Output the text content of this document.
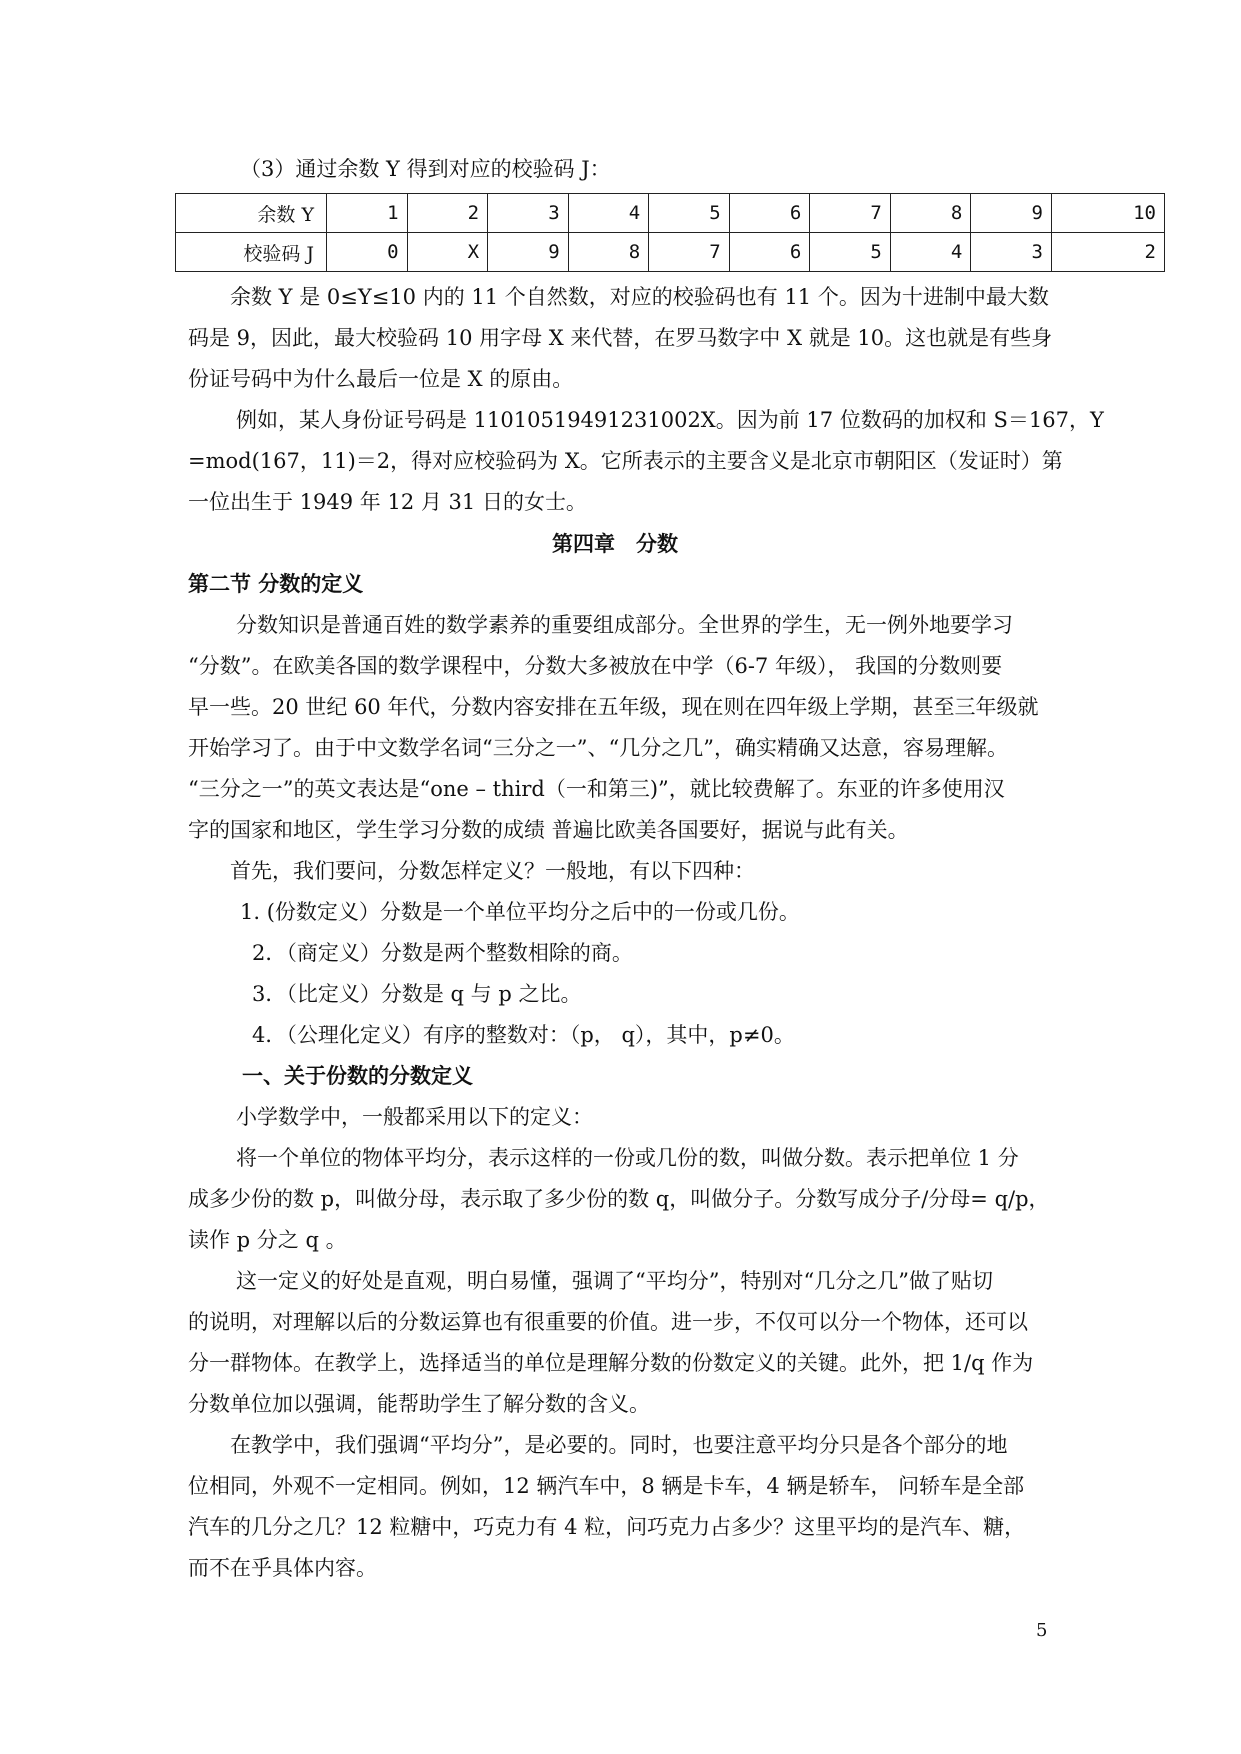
（3）通过余数 Y 得到对应的校验码 J：
余数 Y	1	2	3	4	5	6	7	8	9	10
校验码 J	0	X	9	8	7	6	5	4	3	2
余数 Y 是 0≤Y≤10 内的 11 个自然数，对应的校验码也有 11 个。因为十进制中最大数
码是 9，因此，最大校验码 10 用字母 X 来代替，在罗马数字中 X 就是 10。这也就是有些身
份证号码中为什么最后一位是 X 的原由。
例如，某人身份证号码是 11010519491231002X。因为前 17 位数码的加权和 S＝167，Y
=mod(167，11)＝2，得对应校验码为 X。它所表示的主要含义是北京市朝阳区（发证时）第
一位出生于 1949 年 12 月 31 日的女士。
第四章　分数
第二节 分数的定义
分数知识是普通百姓的数学素养的重要组成部分。全世界的学生，无一例外地要学习
“分数”。在欧美各国的数学课程中，分数大多被放在中学（6-7 年级）， 我国的分数则要
早一些。20 世纪 60 年代，分数内容安排在五年级，现在则在四年级上学期，甚至三年级就
开始学习了。由于中文数学名词“三分之一”、“几分之几”，确实精确又达意，容易理解。
“三分之一”的英文表达是“one – third（一和第三)”，就比较费解了。东亚的许多使用汉
字的国家和地区，学生学习分数的成绩 普遍比欧美各国要好，据说与此有关。
首先，我们要问，分数怎样定义？一般地，有以下四种：
1. (份数定义）分数是一个单位平均分之后中的一份或几份。
2．（商定义）分数是两个整数相除的商。
3．（比定义）分数是 q 与 p 之比。
4．（公理化定义）有序的整数对：（p， q），其中，p≠0。
一、关于份数的分数定义
小学数学中，一般都采用以下的定义：
将一个单位的物体平均分，表示这样的一份或几份的数，叫做分数。表示把单位 1 分
成多少份的数 p，叫做分母，表示取了多少份的数 q，叫做分子。分数写成分子/分母= q/p，
读作 p 分之 q 。
这一定义的好处是直观，明白易懂，强调了“平均分”，特别对“几分之几”做了贴切
的说明，对理解以后的分数运算也有很重要的价值。进一步，不仅可以分一个物体，还可以
分一群物体。在教学上，选择适当的单位是理解分数的份数定义的关键。此外，把 1/q 作为
分数单位加以强调，能帮助学生了解分数的含义。
在教学中，我们强调“平均分”，是必要的。同时，也要注意平均分只是各个部分的地
位相同，外观不一定相同。例如，12 辆汽车中，8 辆是卡车，4 辆是轿车， 问轿车是全部
汽车的几分之几？12 粒糖中，巧克力有 4 粒，问巧克力占多少？这里平均的是汽车、糖，
而不在乎具体内容。
5
